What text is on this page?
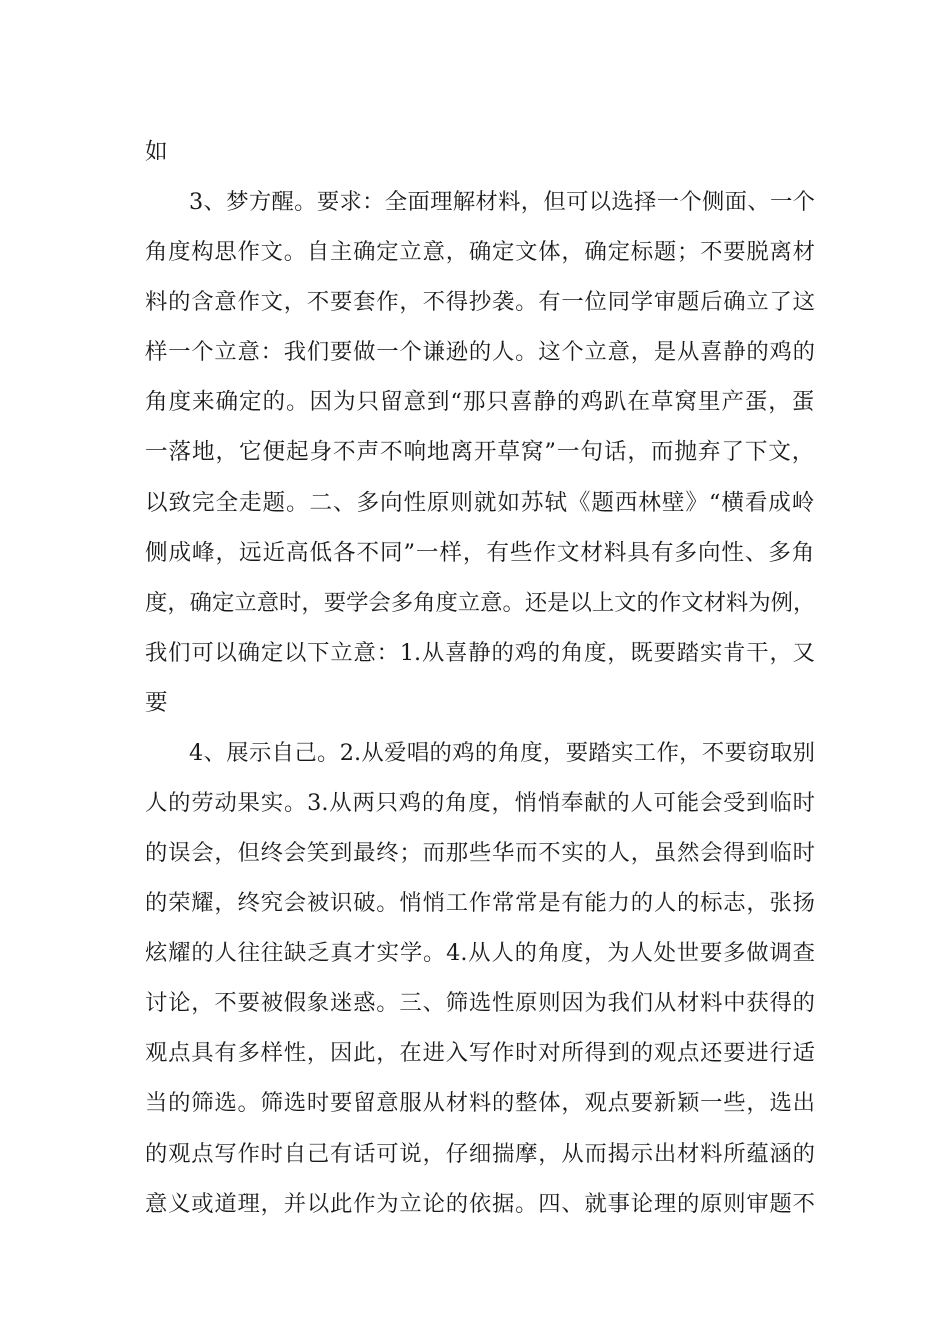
如
3、梦方醒。要求：全面理解材料，但可以选择一个侧面、一个
角度构思作文。自主确定立意，确定文体，确定标题；不要脱离材
料的含意作文，不要套作，不得抄袭。有一位同学审题后确立了这
样一个立意：我们要做一个谦逊的人。这个立意，是从喜静的鸡的
角度来确定的。因为只留意到“那只喜静的鸡趴在草窝里产蛋，蛋
一落地，它便起身不声不响地离开草窝”一句话，而抛弃了下文，
以致完全走题。二、多向性原则就如苏轼《题西林壁》“横看成岭
侧成峰，远近高低各不同”一样，有些作文材料具有多向性、多角
度，确定立意时，要学会多角度立意。还是以上文的作文材料为例，
我们可以确定以下立意：1.从喜静的鸡的角度，既要踏实肯干，又
要
4、展示自己。2.从爱唱的鸡的角度，要踏实工作，不要窃取别
人的劳动果实。3.从两只鸡的角度，悄悄奉献的人可能会受到临时
的误会，但终会笑到最终；而那些华而不实的人，虽然会得到临时
的荣耀，终究会被识破。悄悄工作常常是有能力的人的标志，张扬
炫耀的人往往缺乏真才实学。4.从人的角度，为人处世要多做调查
讨论，不要被假象迷惑。三、筛选性原则因为我们从材料中获得的
观点具有多样性，因此，在进入写作时对所得到的观点还要进行适
当的筛选。筛选时要留意服从材料的整体，观点要新颖一些，选出
的观点写作时自己有话可说，仔细揣摩，从而揭示出材料所蕴涵的
意义或道理，并以此作为立论的依据。四、就事论理的原则审题不
